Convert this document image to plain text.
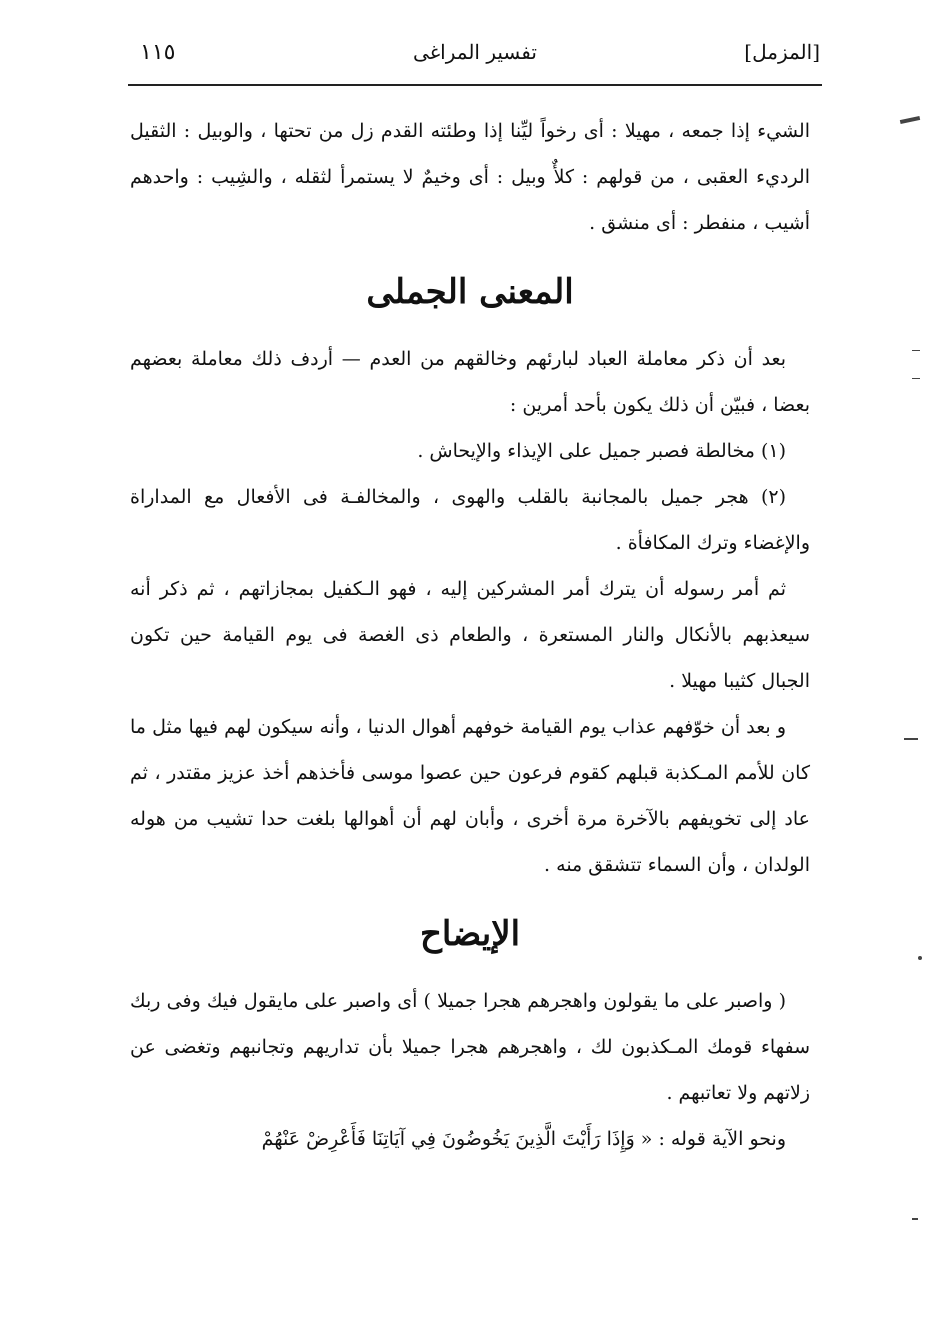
[المزمل]
تفسير المراغى
١١٥

الشيء إذا جمعه ، مهيلا : أى رخواً ليِّنا إذا وطئته القدم زل من تحتها ، والوبيل : الثقيل الرديء العقبى ، من قولهم : كلأٌ وبيل : أى وخيمٌ لا يستمرأ لثقله ، والشِيب : واحدهم أشيب ، منفطر : أى منشق .

المعنى الجملى

بعد أن ذكر معاملة العباد لبارئهم وخالقهم من العدم — أردف ذلك معاملة بعضهم بعضا ، فبيّن أن ذلك يكون بأحد أمرين :

(١) مخالطة فصبر جميل على الإيذاء والإيحاش .

(٢) هجر جميل بالمجانبة بالقلب والهوى ، والمخالفـة فى الأفعال مع المداراة والإغضاء وترك المكافأة .

ثم أمر رسوله أن يترك أمر المشركين إليه ، فهو الـكفيل بمجازاتهم ، ثم ذكر أنه سيعذبهم بالأنكال والنار المستعرة ، والطعام ذى الغصة فى يوم القيامة حين تكون الجبال كثيبا مهيلا .

و بعد أن خوّفهم عذاب يوم القيامة خوفهم أهوال الدنيا ، وأنه سيكون لهم فيها مثل ما كان للأمم المـكذبة قبلهم كقوم فرعون حين عصوا موسى فأخذهم أخذ عزيز مقتدر ، ثم عاد إلى تخويفهم بالآخرة مرة أخرى ، وأبان لهم أن أهوالها بلغت حدا تشيب من هوله الولدان ، وأن السماء تتشقق منه .

الإيضاح

( واصبر على ما يقولون واهجرهم هجرا جميلا ) أى واصبر على مايقول فيك وفى ربك سفهاء قومك المـكذبون لك ، واهجرهم هجرا جميلا بأن تداريهم وتجانبهم وتغضى عن زلاتهم ولا تعاتبهم .

ونحو الآية قوله : « وَإِذَا رَأَيْتَ الَّذِينَ يَخُوضُونَ فِي آيَاتِنَا فَأَعْرِضْ عَنْهُمْ
